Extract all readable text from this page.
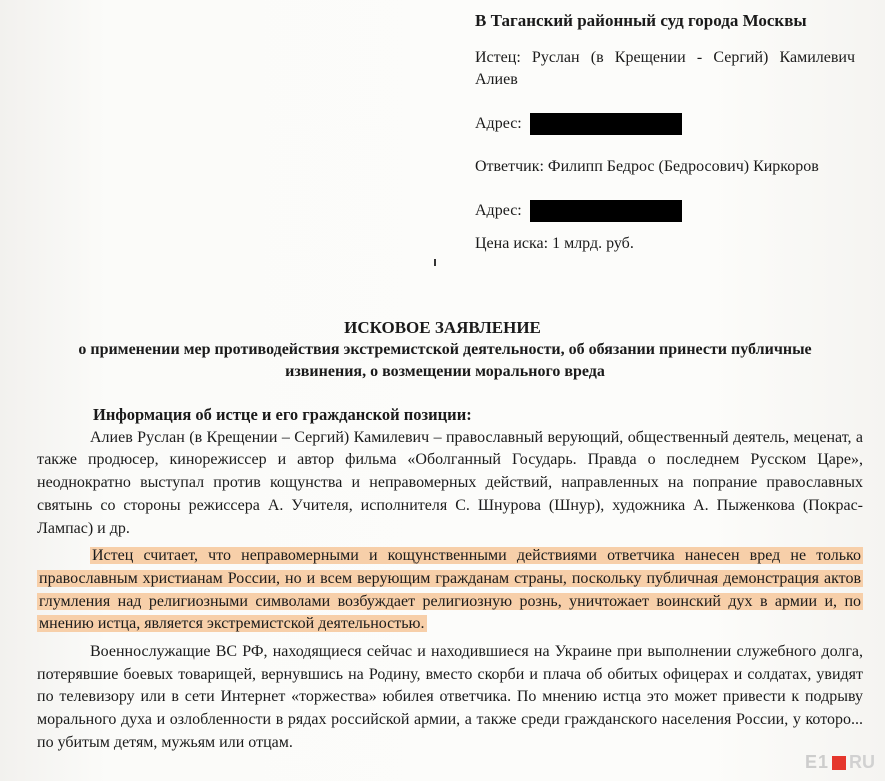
В Таганский районный суд города Москвы
Истец: Руслан (в Крещении - Сергий) Камилевич Алиев
Адрес:
Ответчик: Филипп Бедрос (Бедросович) Киркоров
Адрес:
Цена иска: 1 млрд. руб.
ИСКОВОЕ ЗАЯВЛЕНИЕ
о применении мер противодействия экстремистской деятельности, об обязании принести публичные извинения, о возмещении морального вреда
Информация об истце и его гражданской позиции:

Алиев Руслан (в Крещении – Сергий) Камилевич – православный верующий, общественный деятель, меценат, а также продюсер, кинорежиссер и автор фильма «Оболганный Государь. Правда о последнем Русском Царе», неоднократно выступал против кощунства и неправомерных действий, направленных на попрание православных святынь со стороны режиссера А. Учителя, исполнителя С. Шнурова (Шнур), художника А. Пыженкова (Покрас-Лампас) и др.

Истец считает, что неправомерными и кощунственными действиями ответчика нанесен вред не только православным христианам России, но и всем верующим гражданам страны, поскольку публичная демонстрация актов глумления над религиозными символами возбуждает религиозную рознь, уничтожает воинский дух в армии и, по мнению истца, является экстремистской деятельностью.

Военнослужащие ВС РФ, находящиеся сейчас и находившиеся на Украине при выполнении служебного долга, потерявшие боевых товарищей, вернувшись на Родину, вместо скорби и плача об обитых офицерах и солдатах, увидят по телевизору или в сети Интернет «торжества» юбилея ответчика. По мнению истца это может привести к подрыву морального духа и озлобленности в рядах российской армии, а также среди гражданского населения России, у которо... по убитым детям, мужьям или отцам.

E1 RU
